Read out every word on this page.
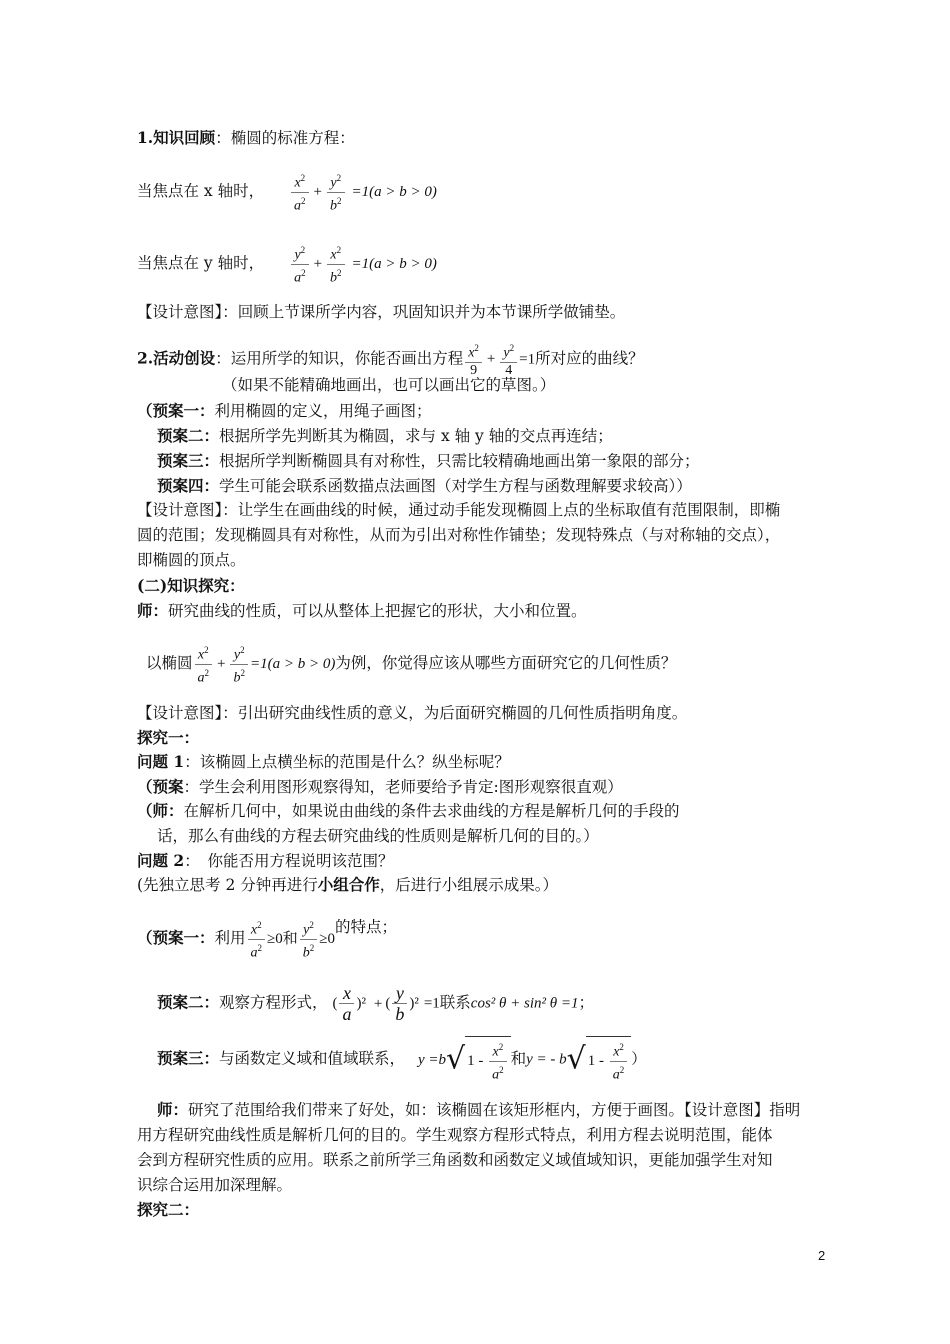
1.知识回顾：椭圆的标准方程：
当焦点在 x 轴时， $\frac{x^2}{a^2} + \frac{y^2}{b^2} =1(a > b > 0)$
当焦点在 y 轴时， $\frac{y^2}{a^2} + \frac{x^2}{b^2} =1(a > b > 0)$
【设计意图】：回顾上节课所学内容，巩固知识并为本节课所学做铺垫。
2.活动创设：运用所学的知识，你能否画出方程 $\frac{x^2}{9} + \frac{y^2}{4} =1$所对应的曲线？
（如果不能精确地画出，也可以画出它的草图。）
（预案一：利用椭圆的定义，用绳子画图；
预案二：根据所学先判断其为椭圆，求与 x 轴 y 轴的交点再连结；
预案三：根据所学判断椭圆具有对称性，只需比较精确地画出第一象限的部分；
预案四：学生可能会联系函数描点法画图（对学生方程与函数理解要求较高））
【设计意图】：让学生在画曲线的时候，通过动手能发现椭圆上点的坐标取值有范围限制，即椭
圆的范围；发现椭圆具有对称性，从而为引出对称性作铺垫；发现特殊点（与对称轴的交点），
即椭圆的顶点。
(二)知识探究：
师：研究曲线的性质，可以从整体上把握它的形状，大小和位置。
以椭圆 $\frac{x^2}{a^2} + \frac{y^2}{b^2} =1(a > b > 0)$为例，你觉得应该从哪些方面研究它的几何性质？
【设计意图】：引出研究曲线性质的意义，为后面研究椭圆的几何性质指明角度。
探究一：
问题 1：该椭圆上点横坐标的范围是什么？纵坐标呢？
（预案：学生会利用图形观察得知，老师要给予肯定:图形观察很直观）
（师：在解析几何中，如果说由曲线的条件去求曲线的方程是解析几何的手段的
话，那么有曲线的方程去研究曲线的性质则是解析几何的目的。）
问题 2：　你能否用方程说明该范围？
(先独立思考 2 分钟再进行小组合作，后进行小组展示成果。）
（预案一：利用 $\frac{x^2}{a^2} \ge 0$和 $\frac{y^2}{b^2} \ge 0$的特点；
预案二：观察方程形式， ( $\frac{x}{a} )^2$ + ( $\frac{y}{b} )^2 =1$联系cos² θ + sin² θ =1；
预案三：与函数定义域和值域联系， y =b√ $1 - \frac{x^2}{a^2}$ 和y = - b√ $1 - \frac{x^2}{a^2}$ ）
师：研究了范围给我们带来了好处，如：该椭圆在该矩形框内，方便于画图。【设计意图】指明
用方程研究曲线性质是解析几何的目的。学生观察方程形式特点，利用方程去说明范围，能体
会到方程研究性质的应用。联系之前所学三角函数和函数定义域值域知识，更能加强学生对知
识综合运用加深理解。
探究二：
2
